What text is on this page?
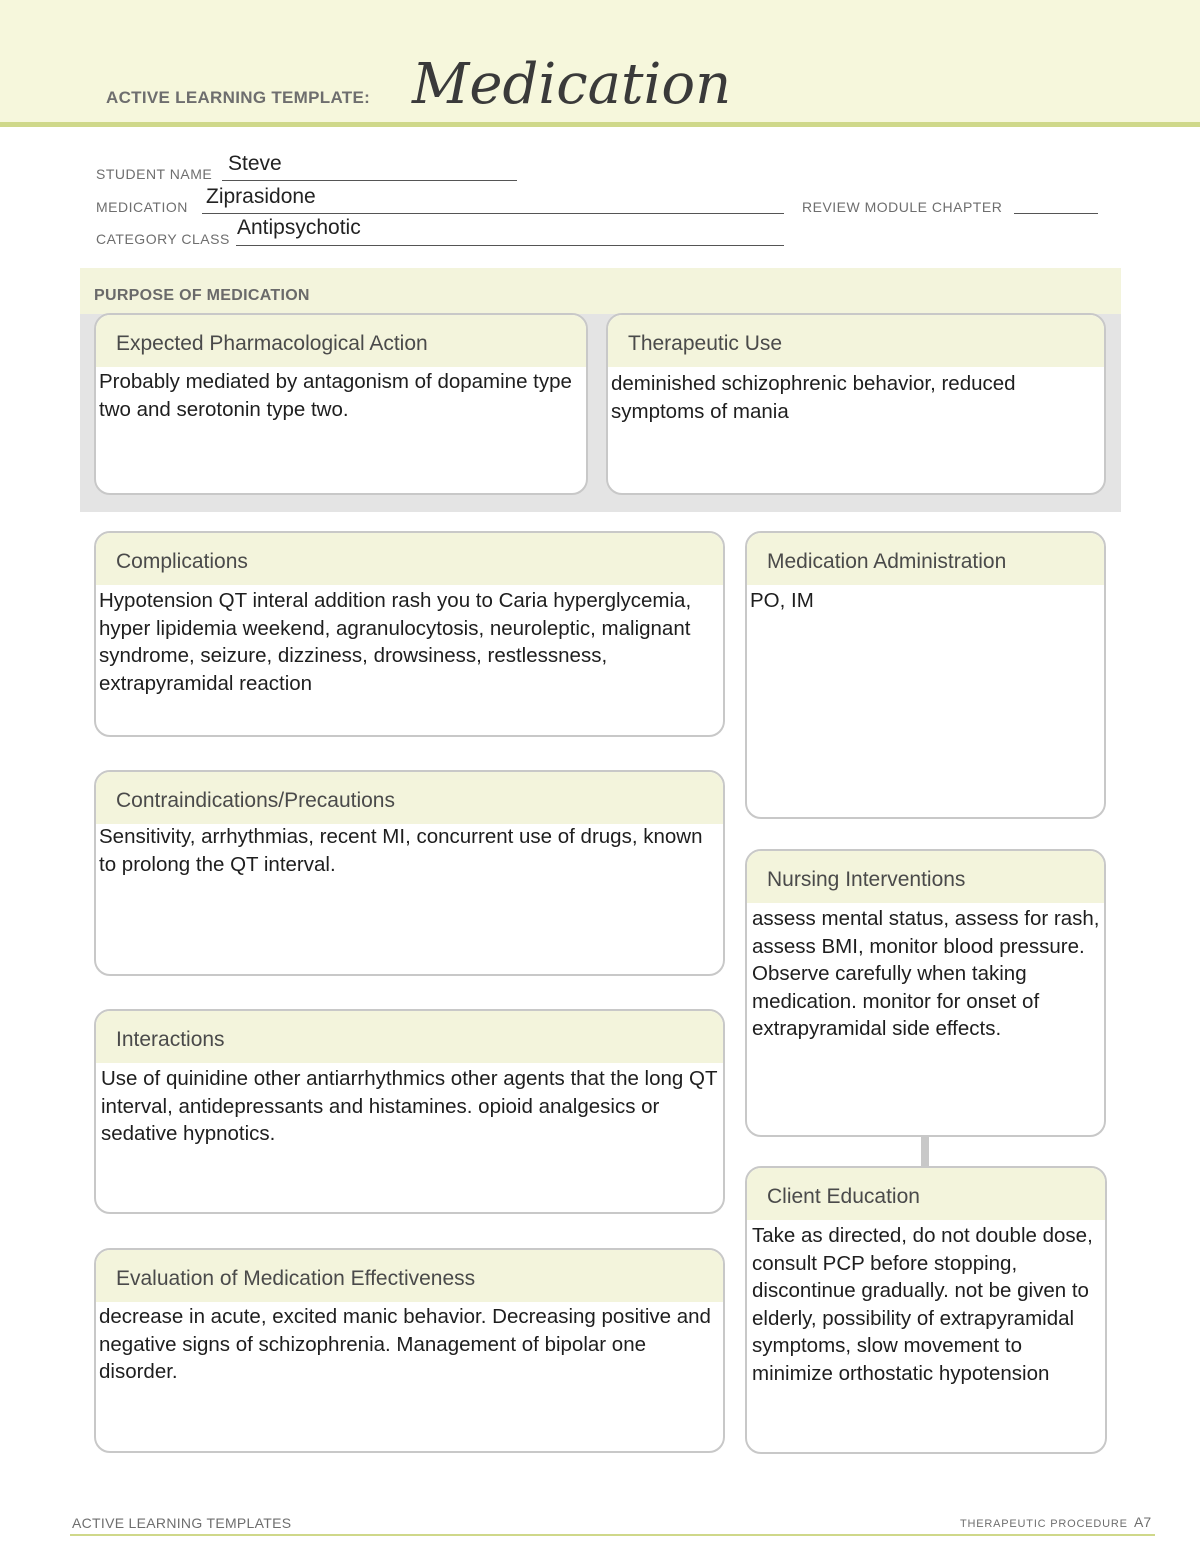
ACTIVE LEARNING TEMPLATE: Medication
STUDENT NAME Steve
MEDICATION Ziprasidone	REVIEW MODULE CHAPTER
CATEGORY CLASS Antipsychotic
PURPOSE OF MEDICATION
Expected Pharmacological Action
Probably mediated by antagonism of dopamine type two and serotonin type two.
Therapeutic Use
deminished schizophrenic behavior, reduced symptoms of mania
Complications
Hypotension QT interal addition rash you to Caria hyperglycemia, hyper lipidemia weekend, agranulocytosis, neuroleptic, malignant syndrome, seizure, dizziness, drowsiness, restlessness, extrapyramidal reaction
Contraindications/Precautions
Sensitivity, arrhythmias, recent MI, concurrent use of drugs, known to prolong the QT interval.
Interactions
Use of quinidine other antiarrhythmics other agents that the long QT interval, antidepressants and histamines. opioid analgesics or sedative hypnotics.
Evaluation of Medication Effectiveness
decrease in acute, excited manic behavior. Decreasing positive and negative signs of schizophrenia. Management of bipolar one disorder.
Medication Administration
PO, IM
Nursing Interventions
assess mental status, assess for rash, assess BMI, monitor blood pressure. Observe carefully when taking medication. monitor for onset of extrapyramidal side effects.
Client Education
Take as directed, do not double dose, consult PCP before stopping, discontinue gradually. not be given to elderly, possibility of extrapyramidal symptoms, slow movement to minimize orthostatic hypotension
ACTIVE LEARNING TEMPLATES	THERAPEUTIC PROCEDURE A7
